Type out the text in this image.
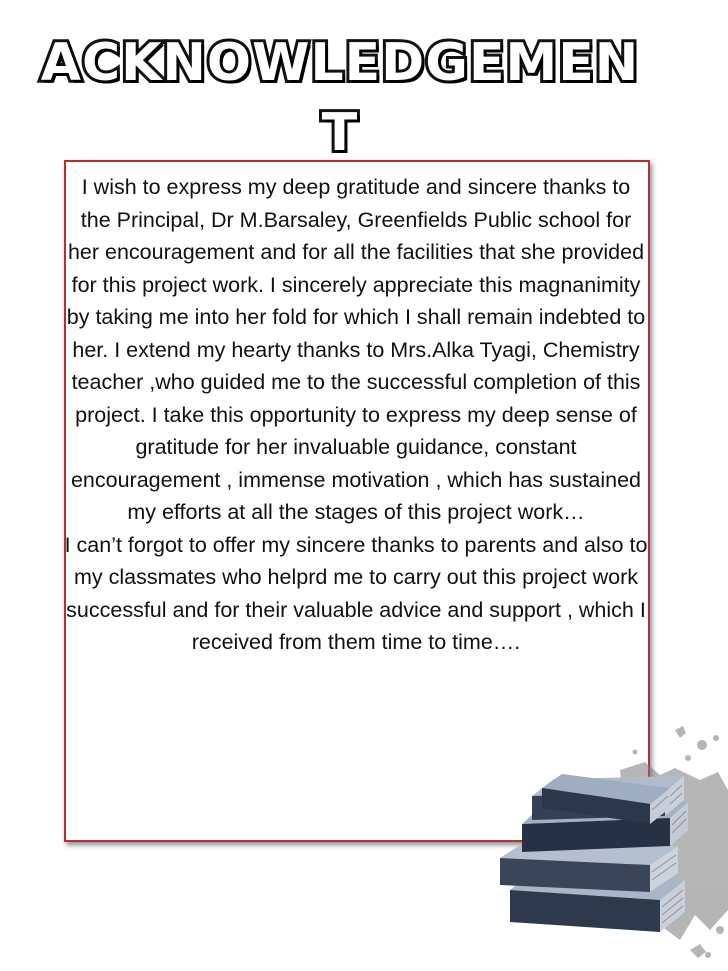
ACKNOWLEDGEMENT

I wish to express my deep gratitude and sincere thanks to the Principal, Dr M.Barsaley, Greenfields Public school for her encouragement and for all the facilities that she provided for this project work. I sincerely appreciate this magnanimity by taking me into her fold for which I shall remain indebted to her. I extend my hearty thanks to Mrs.Alka Tyagi, Chemistry teacher ,who guided me to the successful completion of this project. I take this opportunity to express my deep sense of gratitude for her invaluable guidance, constant encouragement , immense motivation , which has sustained my efforts at all the stages of this project work…

I can’t forgot to offer my sincere thanks to parents and also to my classmates who helprd me to carry out this project work successful and for their valuable advice and support , which I received from them time to time….
